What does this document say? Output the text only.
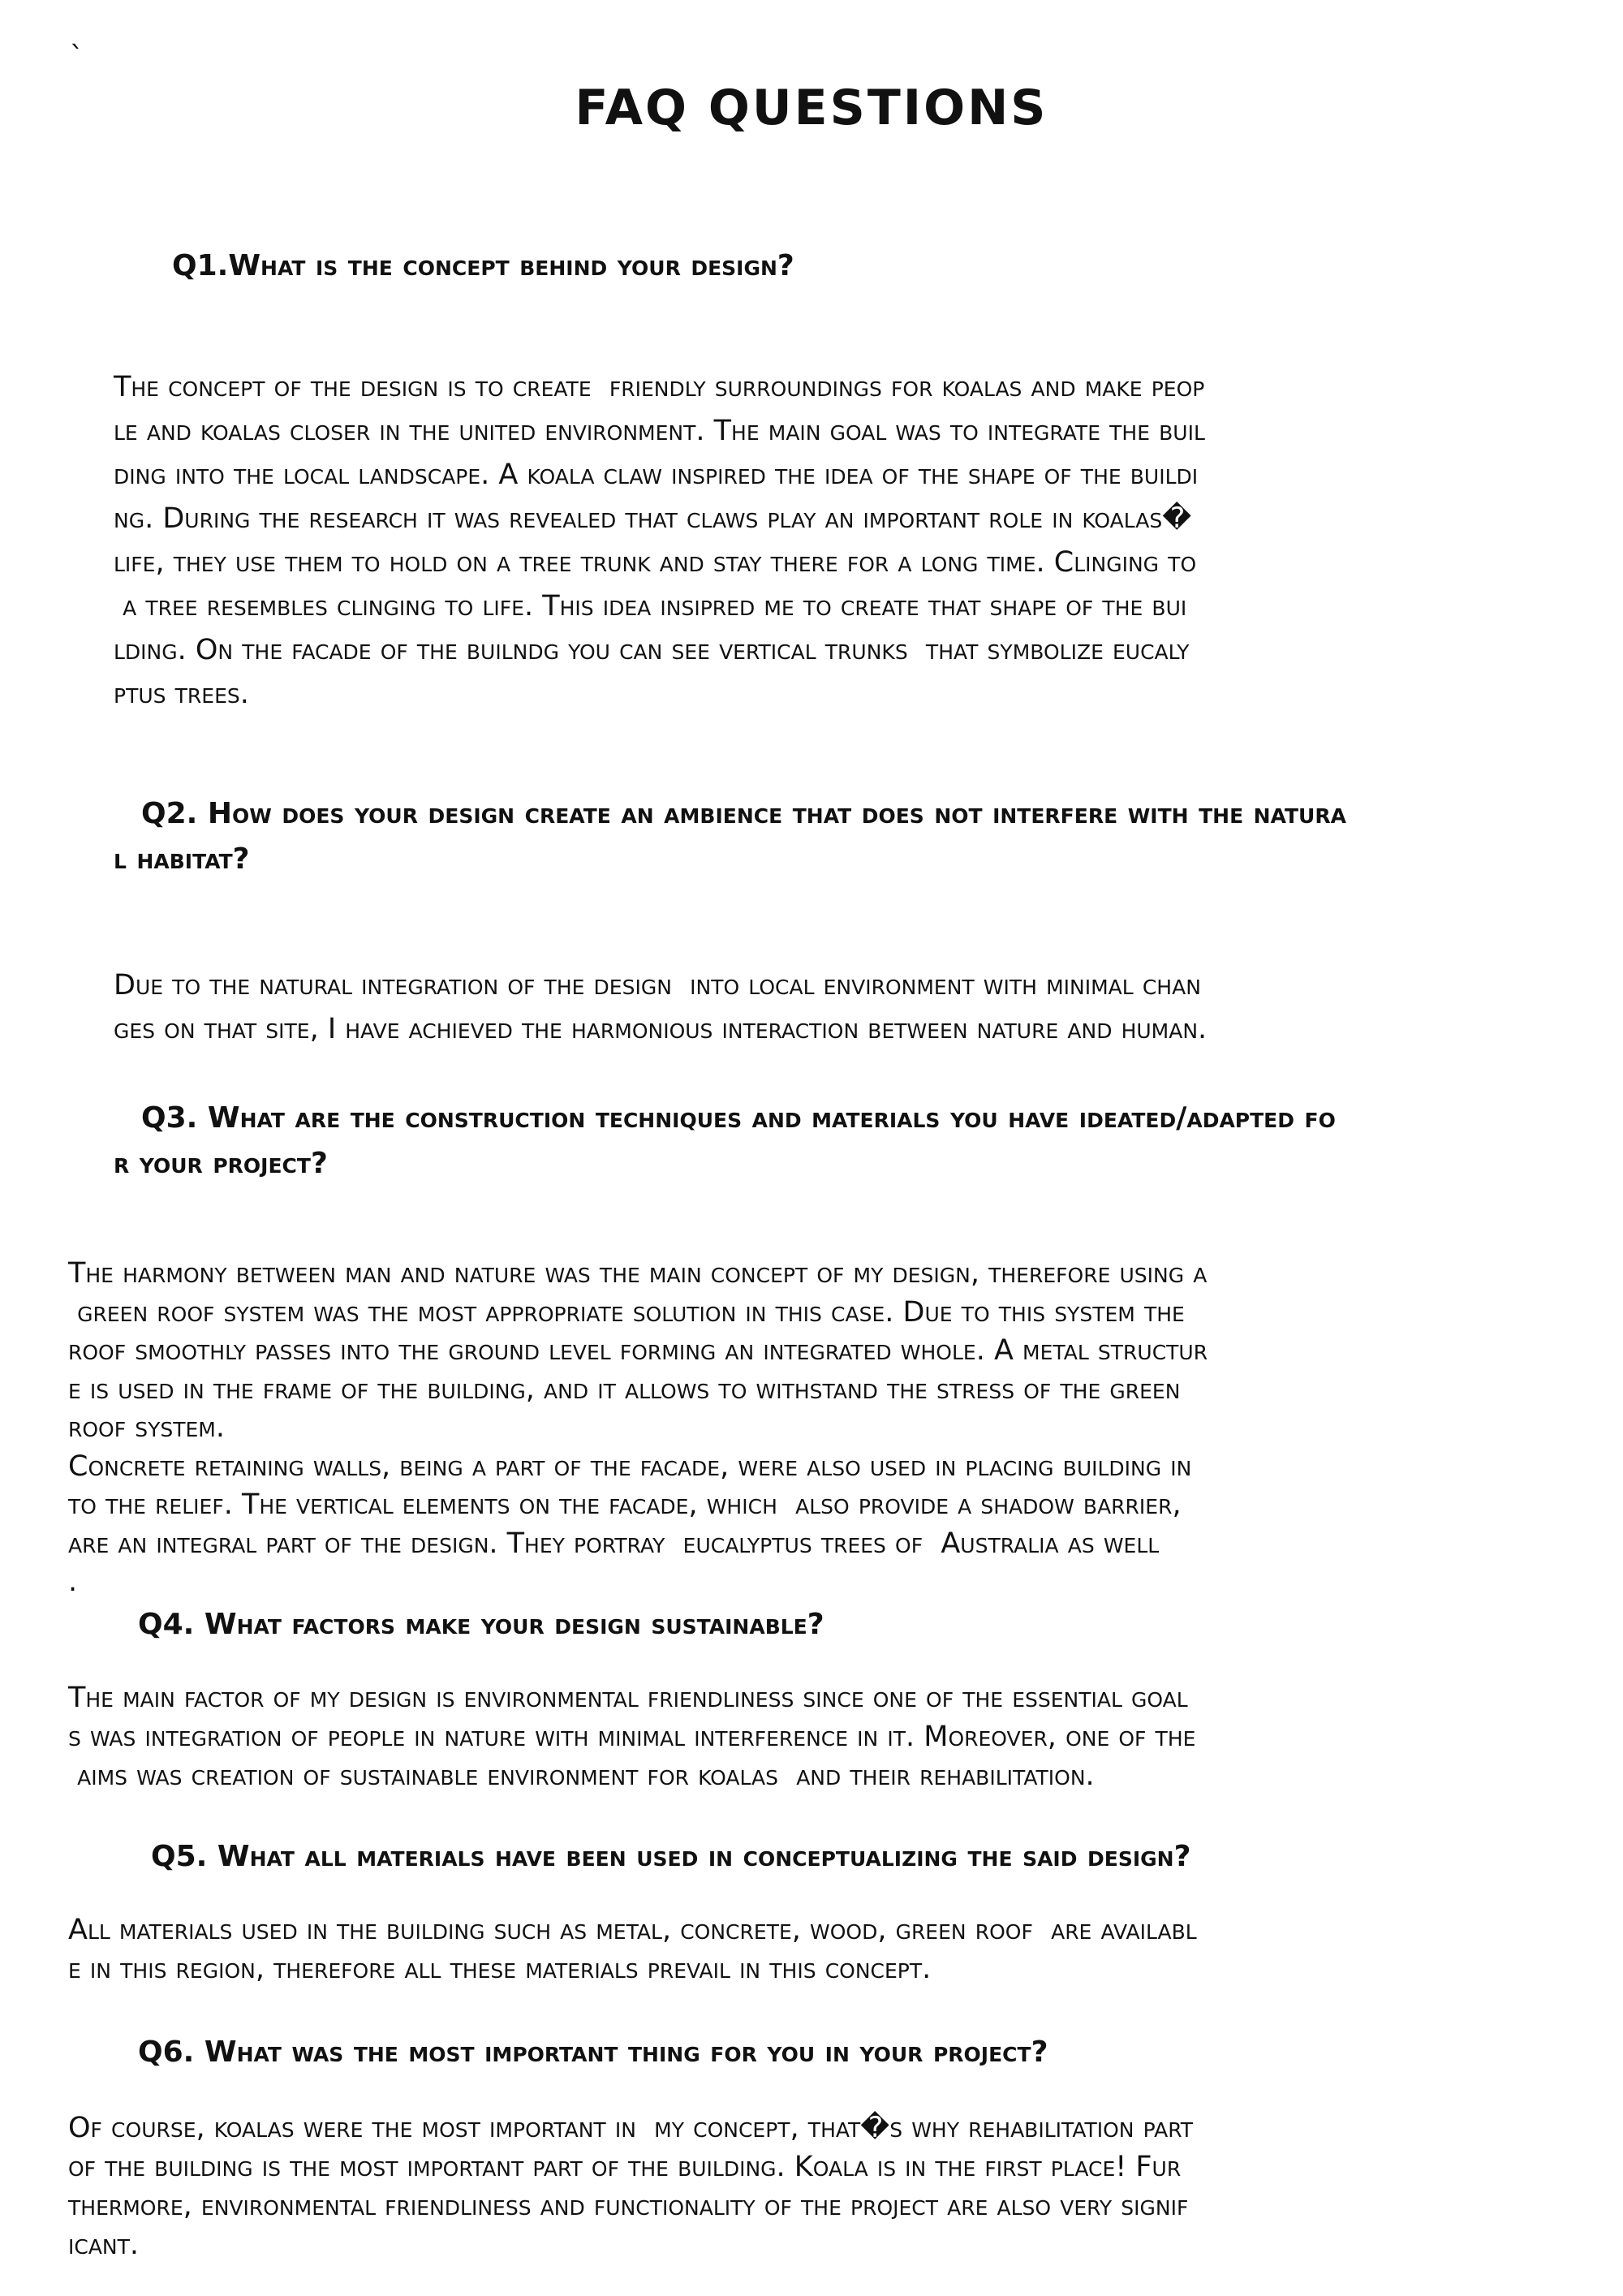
`
FAQ QUESTIONS
Q1.What is the concept behind your design?
The concept of the design is to create  friendly surroundings for koalas and make peop
le and koalas closer in the united environment. The main goal was to integrate the buil
ding into the local landscape. A koala claw inspired the idea of the shape of the buildi
ng. During the research it was revealed that claws play an important role in koalas�
life, they use them to hold on a tree trunk and stay there for a long time. Clinging to
a tree resembles clinging to life. This idea insipred me to create that shape of the bui
lding. On the facade of the builndg you can see vertical trunks  that symbolize eucaly
ptus trees.
Q2. How does your design create an ambience that does not interfere with the natura
l habitat?
Due to the natural integration of the design  into local environment with minimal chan
ges on that site, I have achieved the harmonious interaction between nature and human.
Q3. What are the construction techniques and materials you have ideated/adapted fo
r your project?
The harmony between man and nature was the main concept of my design, therefore using a
green roof system was the most appropriate solution in this case. Due to this system the
roof smoothly passes into the ground level forming an integrated whole. A metal structur
e is used in the frame of the building, and it allows to withstand the stress of the green
roof system.
Concrete retaining walls, being a part of the facade, were also used in placing building in
to the relief. The vertical elements on the facade, which  also provide a shadow barrier,
are an integral part of the design. They portray  eucalyptus trees of  Australia as well
.
Q4. What factors make your design sustainable?
The main factor of my design is environmental friendliness since one of the essential goal
s was integration of people in nature with minimal interference in it. Moreover, one of the
aims was creation of sustainable environment for koalas  and their rehabilitation.
Q5. What all materials have been used in conceptualizing the said design?
All materials used in the building such as metal, concrete, wood, green roof  are availabl
e in this region, therefore all these materials prevail in this concept.
Q6. What was the most important thing for you in your project?
Of course, koalas were the most important in  my concept, that�s why rehabilitation part
of the building is the most important part of the building. Koala is in the first place! Fur
thermore, environmental friendliness and functionality of the project are also very signif
icant.
